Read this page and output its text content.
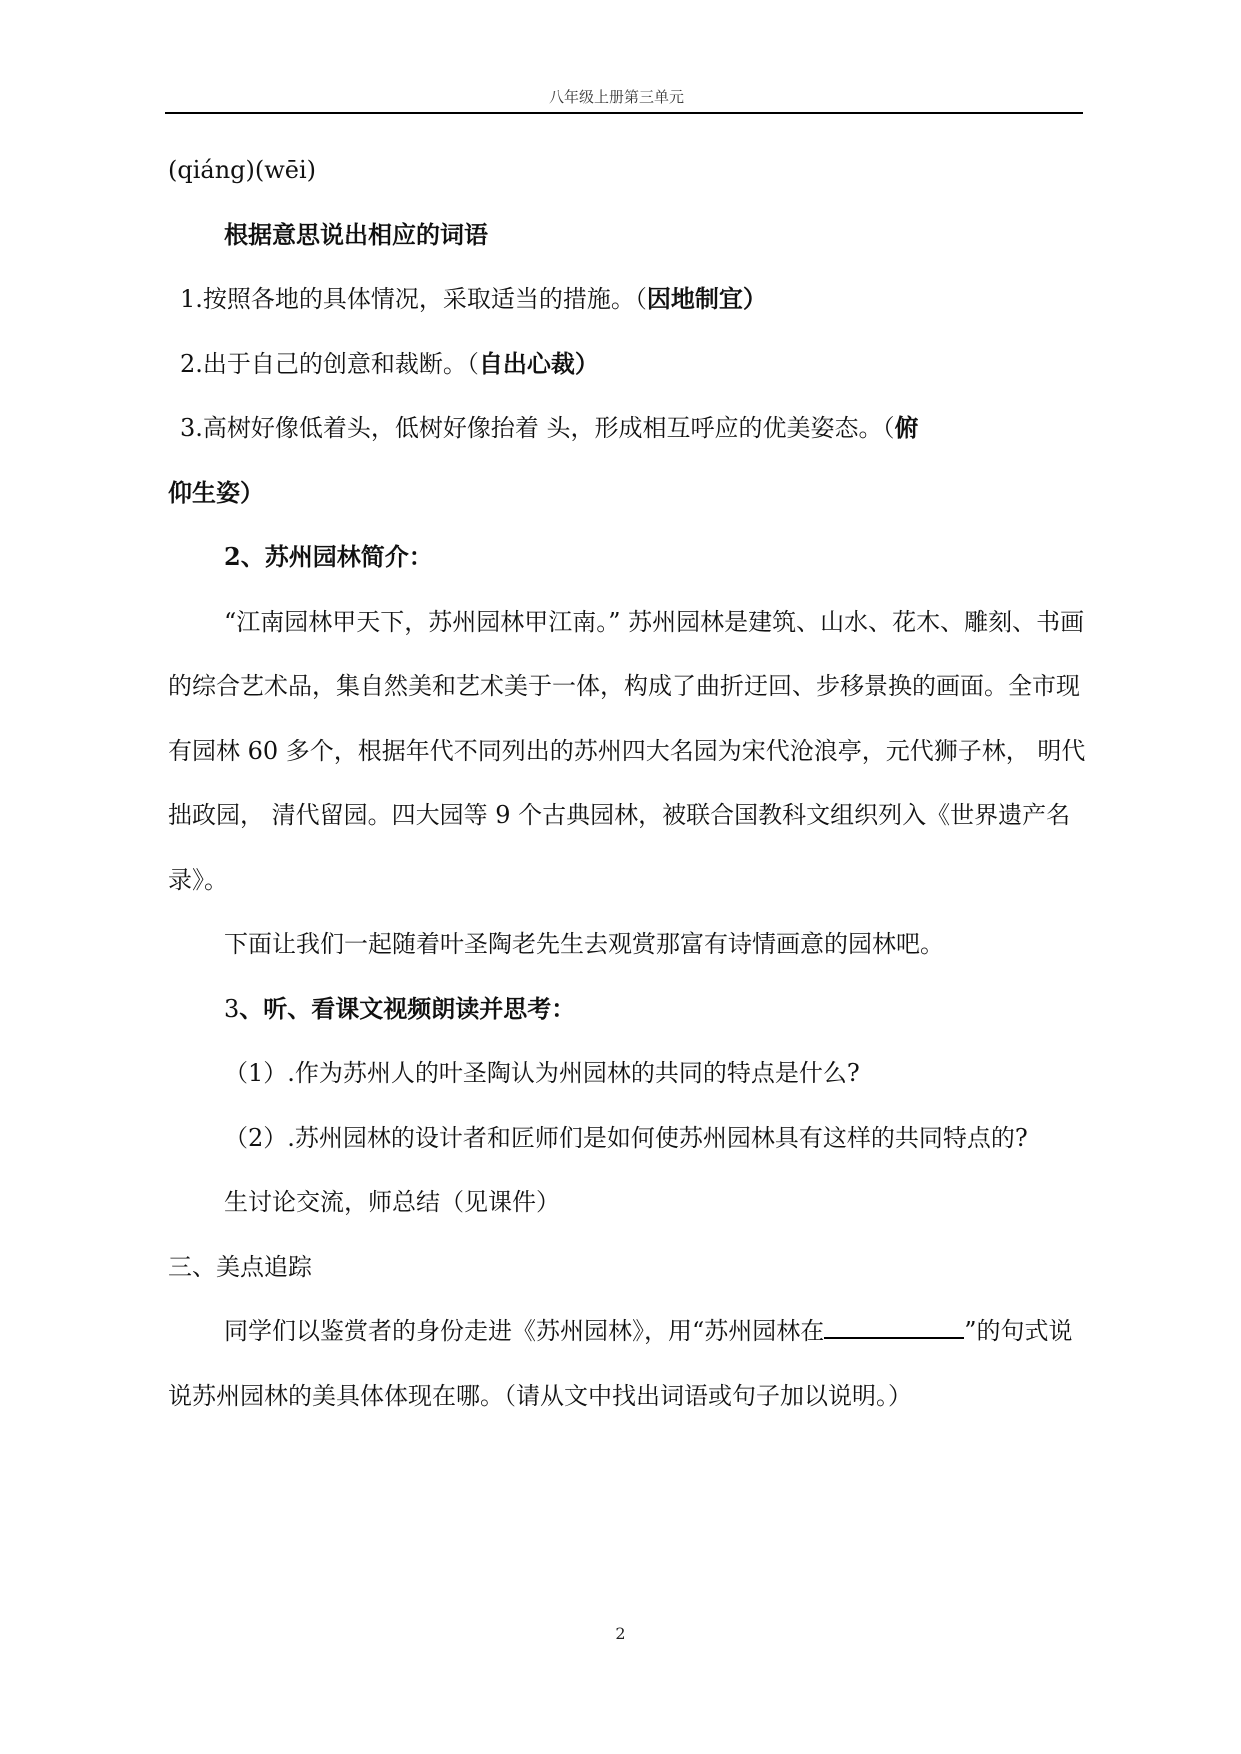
八年级上册第三单元

(qiáng)(wēi)

根据意思说出相应的词语

1.按照各地的具体情况，采取适当的措施。（因地制宜）

2.出于自己的创意和裁断。（自出心裁）

3.高树好像低着头，低树好像抬着 头，形成相互呼应的优美姿态。（俯

仰生姿）

2、苏州园林简介：

“江南园林甲天下，苏州园林甲江南。” 苏州园林是建筑、山水、花木、雕刻、书画的综合艺术品，集自然美和艺术美于一体，构成了曲折迂回、步移景换的画面。全市现有园林 60 多个，根据年代不同列出的苏州四大名园为宋代沧浪亭，元代狮子林， 明代拙政园， 清代留园。四大园等 9 个古典园林，被联合国教科文组织列入《世界遗产名录》。

下面让我们一起随着叶圣陶老先生去观赏那富有诗情画意的园林吧。

3、听、看课文视频朗读并思考：

（1）.作为苏州人的叶圣陶认为州园林的共同的特点是什么?

（2）.苏州园林的设计者和匠师们是如何使苏州园林具有这样的共同特点的?

生讨论交流，师总结（见课件）

三、美点追踪

同学们以鉴赏者的身份走进《苏州园林》，用“苏州园林在	”的句式说说苏州园林的美具体体现在哪。（请从文中找出词语或句子加以说明。）

2
